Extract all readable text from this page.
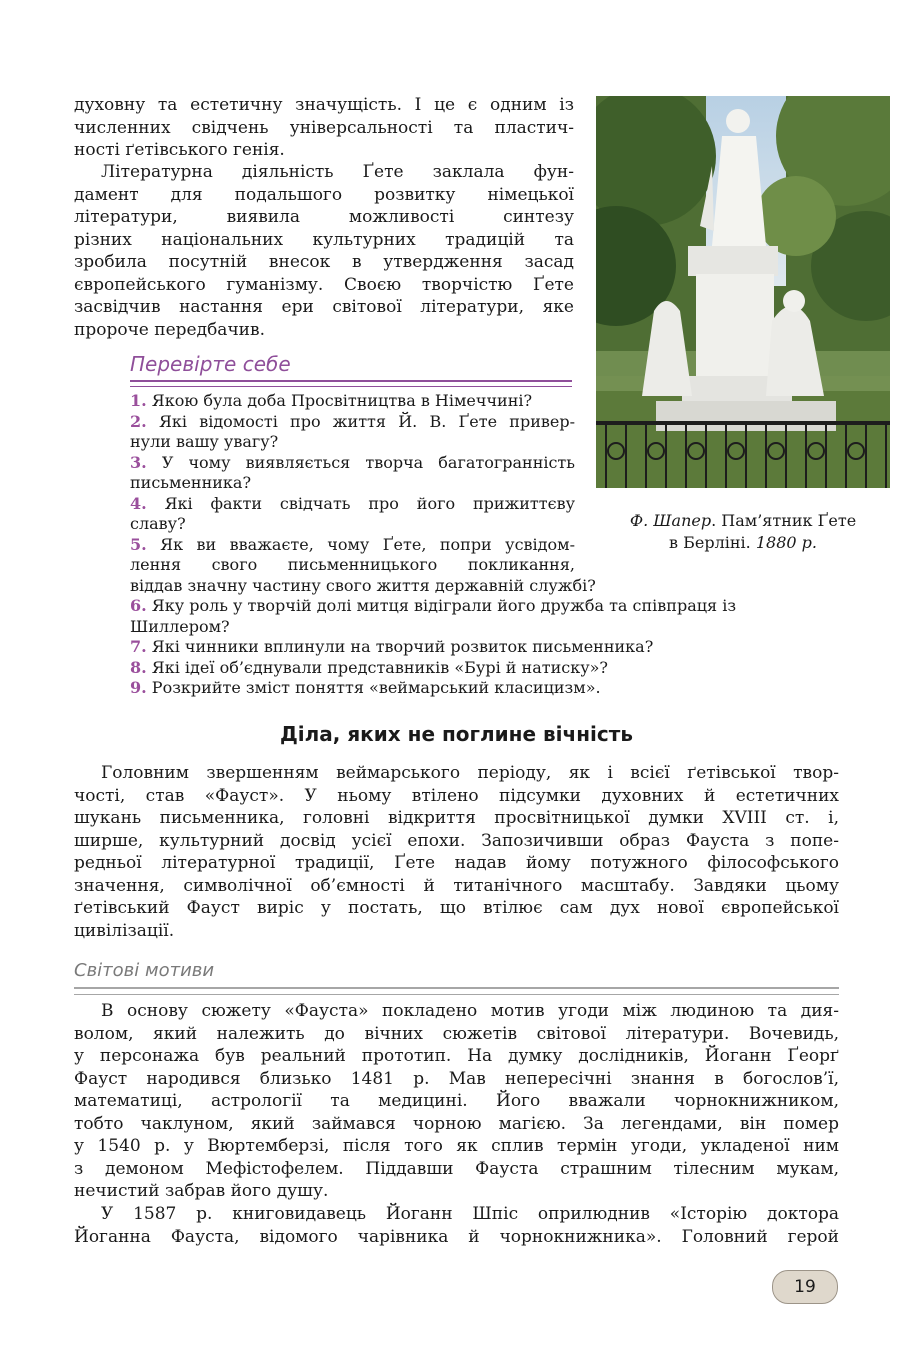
духовну та естетичну значущість. І це є одним із

численних свідчень універсальності та пластич-

ності ґетівського генія.

Літературна діяльність Ґете заклала фун-

дамент для подальшого розвитку німецької

літератури, виявила можливості синтезу

різних національних культурних традицій та

зробила посутній внесок в утвердження засад

європейського гуманізму. Своєю творчістю Ґете

засвідчив настання ери світової літератури, яке

пророче передбачив.

Ф. Шапер. Пам’ятник Ґете
в Берліні. 1880 р.
Перевірте себе

1. Якою була доба Просвітництва в Німеччині?

2. Які відомості про життя Й. В. Ґете привер-
нули вашу увагу?

3. У чому виявляється творча багатогранність
письменника?

4. Які факти свідчать про його прижиттєву
славу?

5. Як ви вважаєте, чому Ґете, попри усвідом-
лення свого письменницького покликання,
віддав значну частину свого життя державній службі?

6. Яку роль у творчій долі митця відіграли його дружба та співпраця із
Шиллером?

7. Які чинники вплинули на творчий розвиток письменника?

8. Які ідеї об’єднували представників «Бурі й натиску»?

9. Розкрийте зміст поняття «веймарський класицизм».

Діла, яких не поглине вічність

Головним звершенням веймарського періоду, як і всієї ґетівської твор-

чості, став «Фауст». У ньому втілено підсумки духовних й естетичних

шукань письменника, головні відкриття просвітницької думки XVIII ст. і,

ширше, культурний досвід усієї епохи. Запозичивши образ Фауста з попе-

редньої літературної традиції, Ґете надав йому потужного філософського

значення, символічної об’ємності й титанічного масштабу. Завдяки цьому

ґетівський Фауст виріс у постать, що втілює сам дух нової європейської

цивілізації.

Світові мотиви

В основу сюжету «Фауста» покладено мотив угоди між людиною та дия-

волом, який належить до вічних сюжетів світової літератури. Вочевидь,

у персонажа був реальний прототип. На думку дослідників, Йоганн Ґеорґ

Фауст народився близько 1481 р. Мав непересічні знання в богослов’ї,

математиці, астрології та медицині. Його вважали чорнокнижником,

тобто чаклуном, який займався чорною магією. За легендами, він помер

у 1540 р. у Вюртемберзі, після того як сплив термін угоди, укладеної ним

з демоном Мефістофелем. Піддавши Фауста страшним тілесним мукам,

нечистий забрав його душу.

У 1587 р. книговидавець Йоганн Шпіс оприлюднив «Історію доктора

Йоганна Фауста, відомого чарівника й чорнокнижника». Головний герой

19
